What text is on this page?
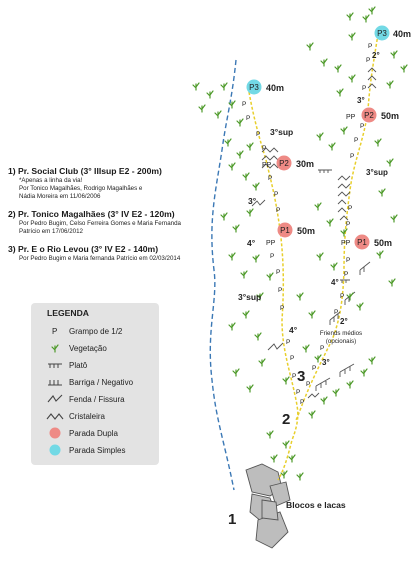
P
P
P
P
P
P
P
P
P
P
P
P
P
P
P
P
P
P
P
P
P
P
P
P
P
P
P
P
P
P
P
P3 40m
P2 30m
P1 50m
P3 40m
P2 50m
P1 50m
PP
PP	PP
PP
3°sup
3°
4°
3°sup
4°
2°
3°
3°sup
4°
2°
3°
Friends médios
(opcionais)
1
2
3
Blocos e lacas
1) Pr. Social Club (3° IIIsup E2 - 200m)
*Apenas a linha da via!
Por Tonico Magalhães, Rodrigo Magalhães e
Nádia Moreira em 11/06/2006
2) Pr. Tonico Magalhães (3° IV E2 - 120m)
Por Pedro Bugim, Celso Ferreira Gomes e Maria Fernanda
Patrício em 17/06/2012
3) Pr. E o Rio Levou (3° IV E2 - 140m)
Por Pedro Bugim e Maria fernanda Patrício em 02/03/2014
LEGENDA
P Grampo de 1/2
Vegetação
Platô
Barriga / Negativo
Fenda / Fissura
Cristaleira
Parada Dupla
Parada Simples
